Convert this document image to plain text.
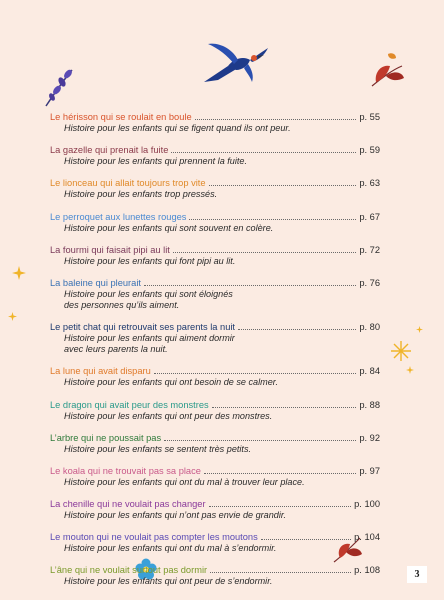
Le hérisson qui se roulait en boule	p. 55
Histoire pour les enfants qui se figent quand ils ont peur.
La gazelle qui prenait la fuite	p. 59
Histoire pour les enfants qui prennent la fuite.
Le lionceau qui allait toujours trop vite	p. 63
Histoire pour les enfants trop pressés.
Le perroquet aux lunettes rouges	p. 67
Histoire pour les enfants qui sont souvent en colère.
La fourmi qui faisait pipi au lit	p. 72
Histoire pour les enfants qui font pipi au lit.
La baleine qui pleurait	p. 76
Histoire pour les enfants qui sont éloignés
des personnes qu’ils aiment.
Le petit chat qui retrouvait ses parents la nuit	p. 80
Histoire pour les enfants qui aiment dormir
avec leurs parents la nuit.
La lune qui avait disparu	p. 84
Histoire pour les enfants qui ont besoin de se calmer.
Le dragon qui avait peur des monstres	p. 88
Histoire pour les enfants qui ont peur des monstres.
L’arbre qui ne poussait pas	p. 92
Histoire pour les enfants se sentent très petits.
Le koala qui ne trouvait pas sa place	p. 97
Histoire pour les enfants qui ont du mal à trouver leur place.
La chenille qui ne voulait pas changer	p. 100
Histoire pour les enfants qui n’ont pas envie de grandir.
Le mouton qui ne voulait pas compter les moutons	p. 104
Histoire pour les enfants qui ont du mal à s’endormir.
L’âne qui ne voulait surtout pas dormir	p. 108
Histoire pour les enfants qui ont peur de s’endormir.
3
